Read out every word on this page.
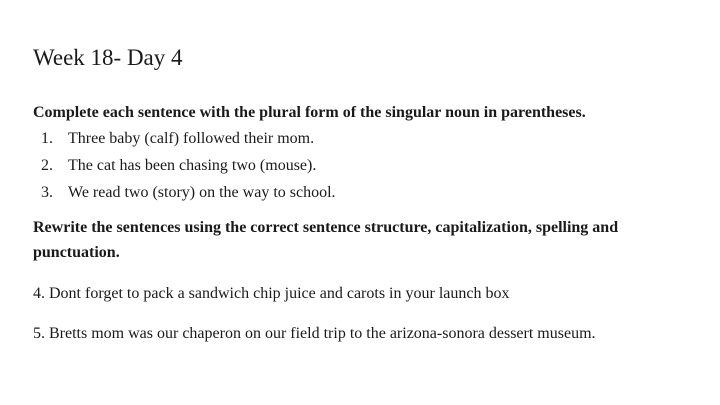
Week 18- Day 4

Complete each sentence with the plural form of the singular noun in parentheses.

1. Three baby (calf) followed their mom.
2. The cat has been chasing two (mouse).
3. We read two (story) on the way to school.

Rewrite the sentences using the correct sentence structure, capitalization, spelling and punctuation.

4. Dont forget to pack a sandwich chip juice and carots in your launch box

5. Bretts mom was our chaperon on our field trip to the arizona-sonora dessert museum.
